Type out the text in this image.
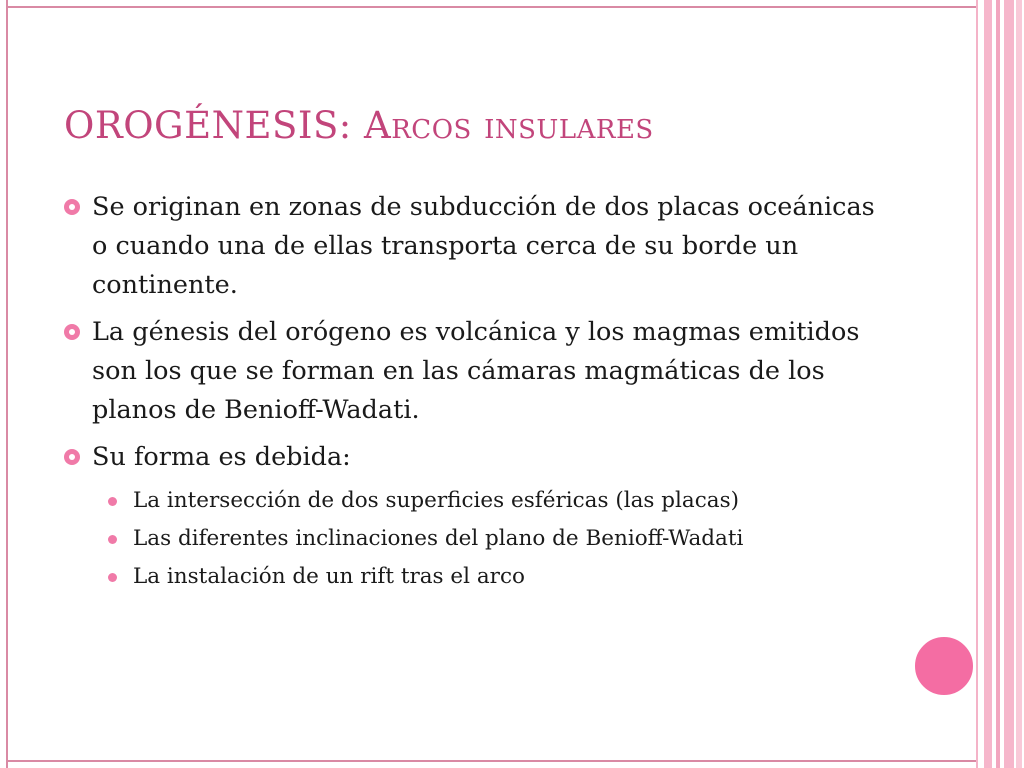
OROGÉNESIS: Arcos insulares
Se originan en zonas de subducción de dos placas oceánicas o cuando una de ellas transporta cerca de su borde un continente.
La génesis del orógeno es volcánica y los magmas emitidos son los que se forman en las cámaras magmáticas de los planos de Benioff-Wadati.
Su forma es debida:
La intersección de dos superficies esféricas (las placas)
Las diferentes inclinaciones del plano de Benioff-Wadati
La instalación de un rift tras el arco
